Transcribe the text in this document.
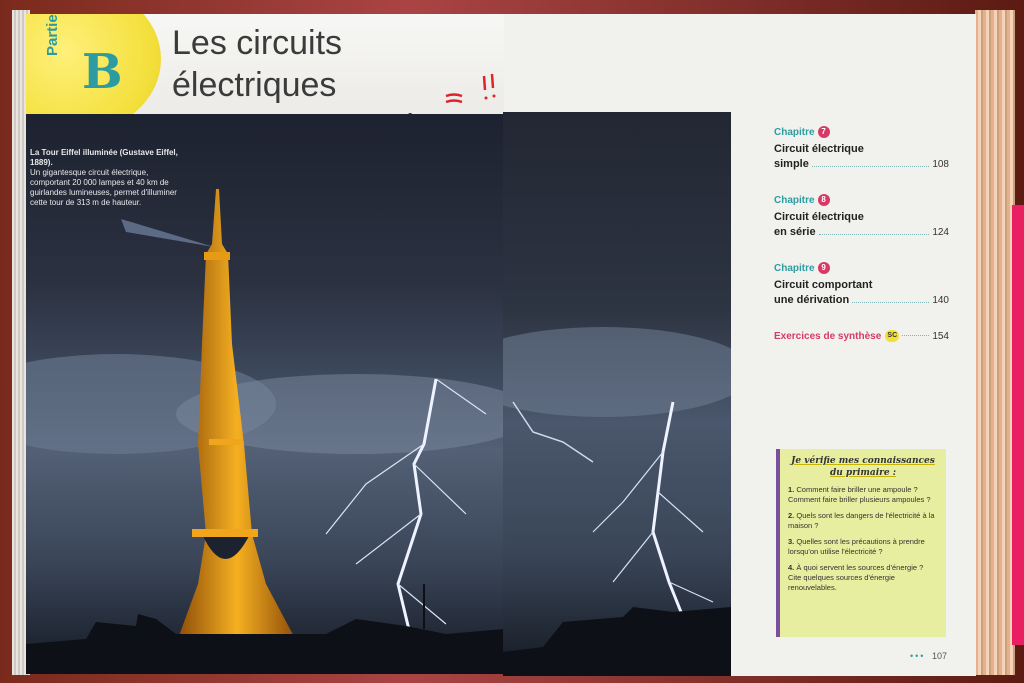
Partie
B
Les circuits électriques
La Tour Eiffel illuminée (Gustave Eiffel, 1889).
Un gigantesque circuit électrique, comportant 20 000 lampes et 40 km de guirlandes lumineuses, permet d'illuminer cette tour de 313 m de hauteur.
Chapitre 7
Circuit électrique
simple	108
Chapitre 8
Circuit électrique
en série	124
Chapitre 9
Circuit comportant
une dérivation	140
Exercices de synthèse SC	154
Je vérifie mes connaissances
du primaire :
1. Comment faire briller une ampoule ? Comment faire briller plusieurs ampoules ?
2. Quels sont les dangers de l'électricité à la maison ?
3. Quelles sont les précautions à prendre lorsqu'on utilise l'électricité ?
4. À quoi servent les sources d'énergie ? Cite quelques sources d'énergie renouvelables.
••• 107
